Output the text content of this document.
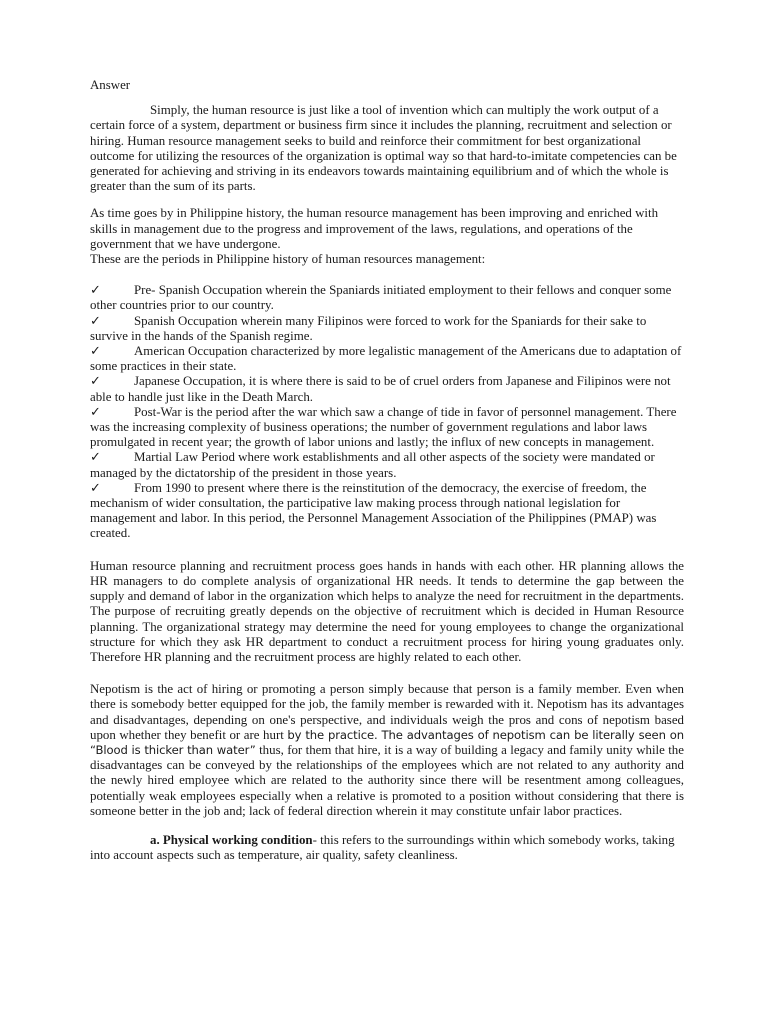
Answer

Simply, the human resource is just like a tool of invention which can multiply the work output of a certain force of a system, department or business firm since it includes the planning, recruitment and selection or hiring. Human resource management seeks to build and reinforce their commitment for best organizational outcome for utilizing the resources of the organization is optimal way so that hard-to-imitate competencies can be generated for achieving and striving in its endeavors towards maintaining equilibrium and of which the whole is greater than the sum of its parts.

As time goes by in Philippine history, the human resource management has been improving and enriched with skills in management due to the progress and improvement of the laws, regulations, and operations of the government that we have undergone.

These are the periods in Philippine history of human resources management:

✓	Pre- Spanish Occupation wherein the Spaniards initiated employment to their fellows and conquer some other countries prior to our country.
✓	Spanish Occupation wherein many Filipinos were forced to work for the Spaniards for their sake to survive in the hands of the Spanish regime.
✓	American Occupation characterized by more legalistic management of the Americans due to adaptation of some practices in their state.
✓	Japanese Occupation, it is where there is said to be of cruel orders from Japanese and Filipinos were not able to handle just like in the Death March.
✓	Post-War is the period after the war which saw a change of tide in favor of personnel management. There was the increasing complexity of business operations; the number of government regulations and labor laws promulgated in recent year; the growth of labor unions and lastly; the influx of new concepts in management.
✓	Martial Law Period where work establishments and all other aspects of the society were mandated or managed by the dictatorship of the president in those years.
✓	From 1990 to present where there is the reinstitution of the democracy, the exercise of freedom, the mechanism of wider consultation, the participative law making process through national legislation for management and labor. In this period, the Personnel Management Association of the Philippines (PMAP) was created.

Human resource planning and recruitment process goes hands in hands with each other. HR planning allows the HR managers to do complete analysis of organizational HR needs. It tends to determine the gap between the supply and demand of labor in the organization which helps to analyze the need for recruitment in the departments. The purpose of recruiting greatly depends on the objective of recruitment which is decided in Human Resource planning. The organizational strategy may determine the need for young employees to change the organizational structure for which they ask HR department to conduct a recruitment process for hiring young graduates only. Therefore HR planning and the recruitment process are highly related to each other.

Nepotism is the act of hiring or promoting a person simply because that person is a family member. Even when there is somebody better equipped for the job, the family member is rewarded with it. Nepotism has its advantages and disadvantages, depending on one's perspective, and individuals weigh the pros and cons of nepotism based upon whether they benefit or are hurt by the practice. The advantages of nepotism can be literally seen on “Blood is thicker than water” thus, for them that hire, it is a way of building a legacy and family unity while the disadvantages can be conveyed by the relationships of the employees which are not related to any authority and the newly hired employee which are related to the authority since there will be resentment among colleagues, potentially weak employees especially when a relative is promoted to a position without considering that there is someone better in the job and; lack of federal direction wherein it may constitute unfair labor practices.

a. Physical working condition- this refers to the surroundings within which somebody works, taking into account aspects such as temperature, air quality, safety cleanliness.
